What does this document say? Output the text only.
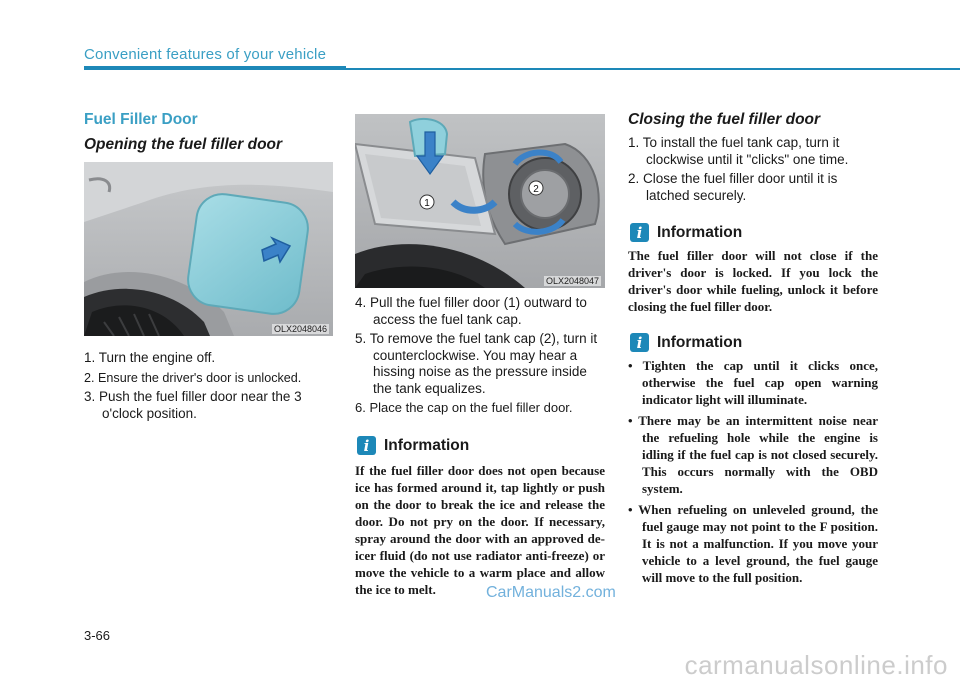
Convenient features of your vehicle
Fuel Filler Door
Opening the fuel filler door
OLX2048046
1. Turn the engine off.
2. Ensure the driver's door is unlocked.
3. Push the fuel filler door near the 3 o'clock position.
1
2
OLX2048047
4. Pull the fuel filler door (1) outward to access the fuel tank cap.
5. To remove the fuel tank cap (2), turn it counterclockwise. You may hear a hissing noise as the pressure inside the tank equalizes.
6. Place the cap on the fuel filler door.
i Information
If the fuel filler door does not open because ice has formed around it, tap lightly or push on the door to break the ice and release the door. Do not pry on the door. If necessary, spray around the door with an approved de-icer fluid (do not use radiator anti-freeze) or move the vehicle to a warm place and allow the ice to melt.
Closing the fuel filler door
1. To install the fuel tank cap, turn it clockwise until it "clicks" one time.
2. Close the fuel filler door until it is latched securely.
i Information
The fuel filler door will not close if the driver's door is locked. If you lock the driver's door while fueling, unlock it before closing the fuel filler door.
i Information
• Tighten the cap until it clicks once, otherwise the fuel cap open warning indicator light will illuminate.
• There may be an intermittent noise near the refueling hole while the engine is idling if the fuel cap is not closed securely. This occurs normally with the OBD system.
• When refueling on unleveled ground, the fuel gauge may not point to the F position. It is not a malfunction. If you move your vehicle to a level ground, the fuel gauge will move to the full position.
CarManuals2.com
3-66
carmanualsonline.info
